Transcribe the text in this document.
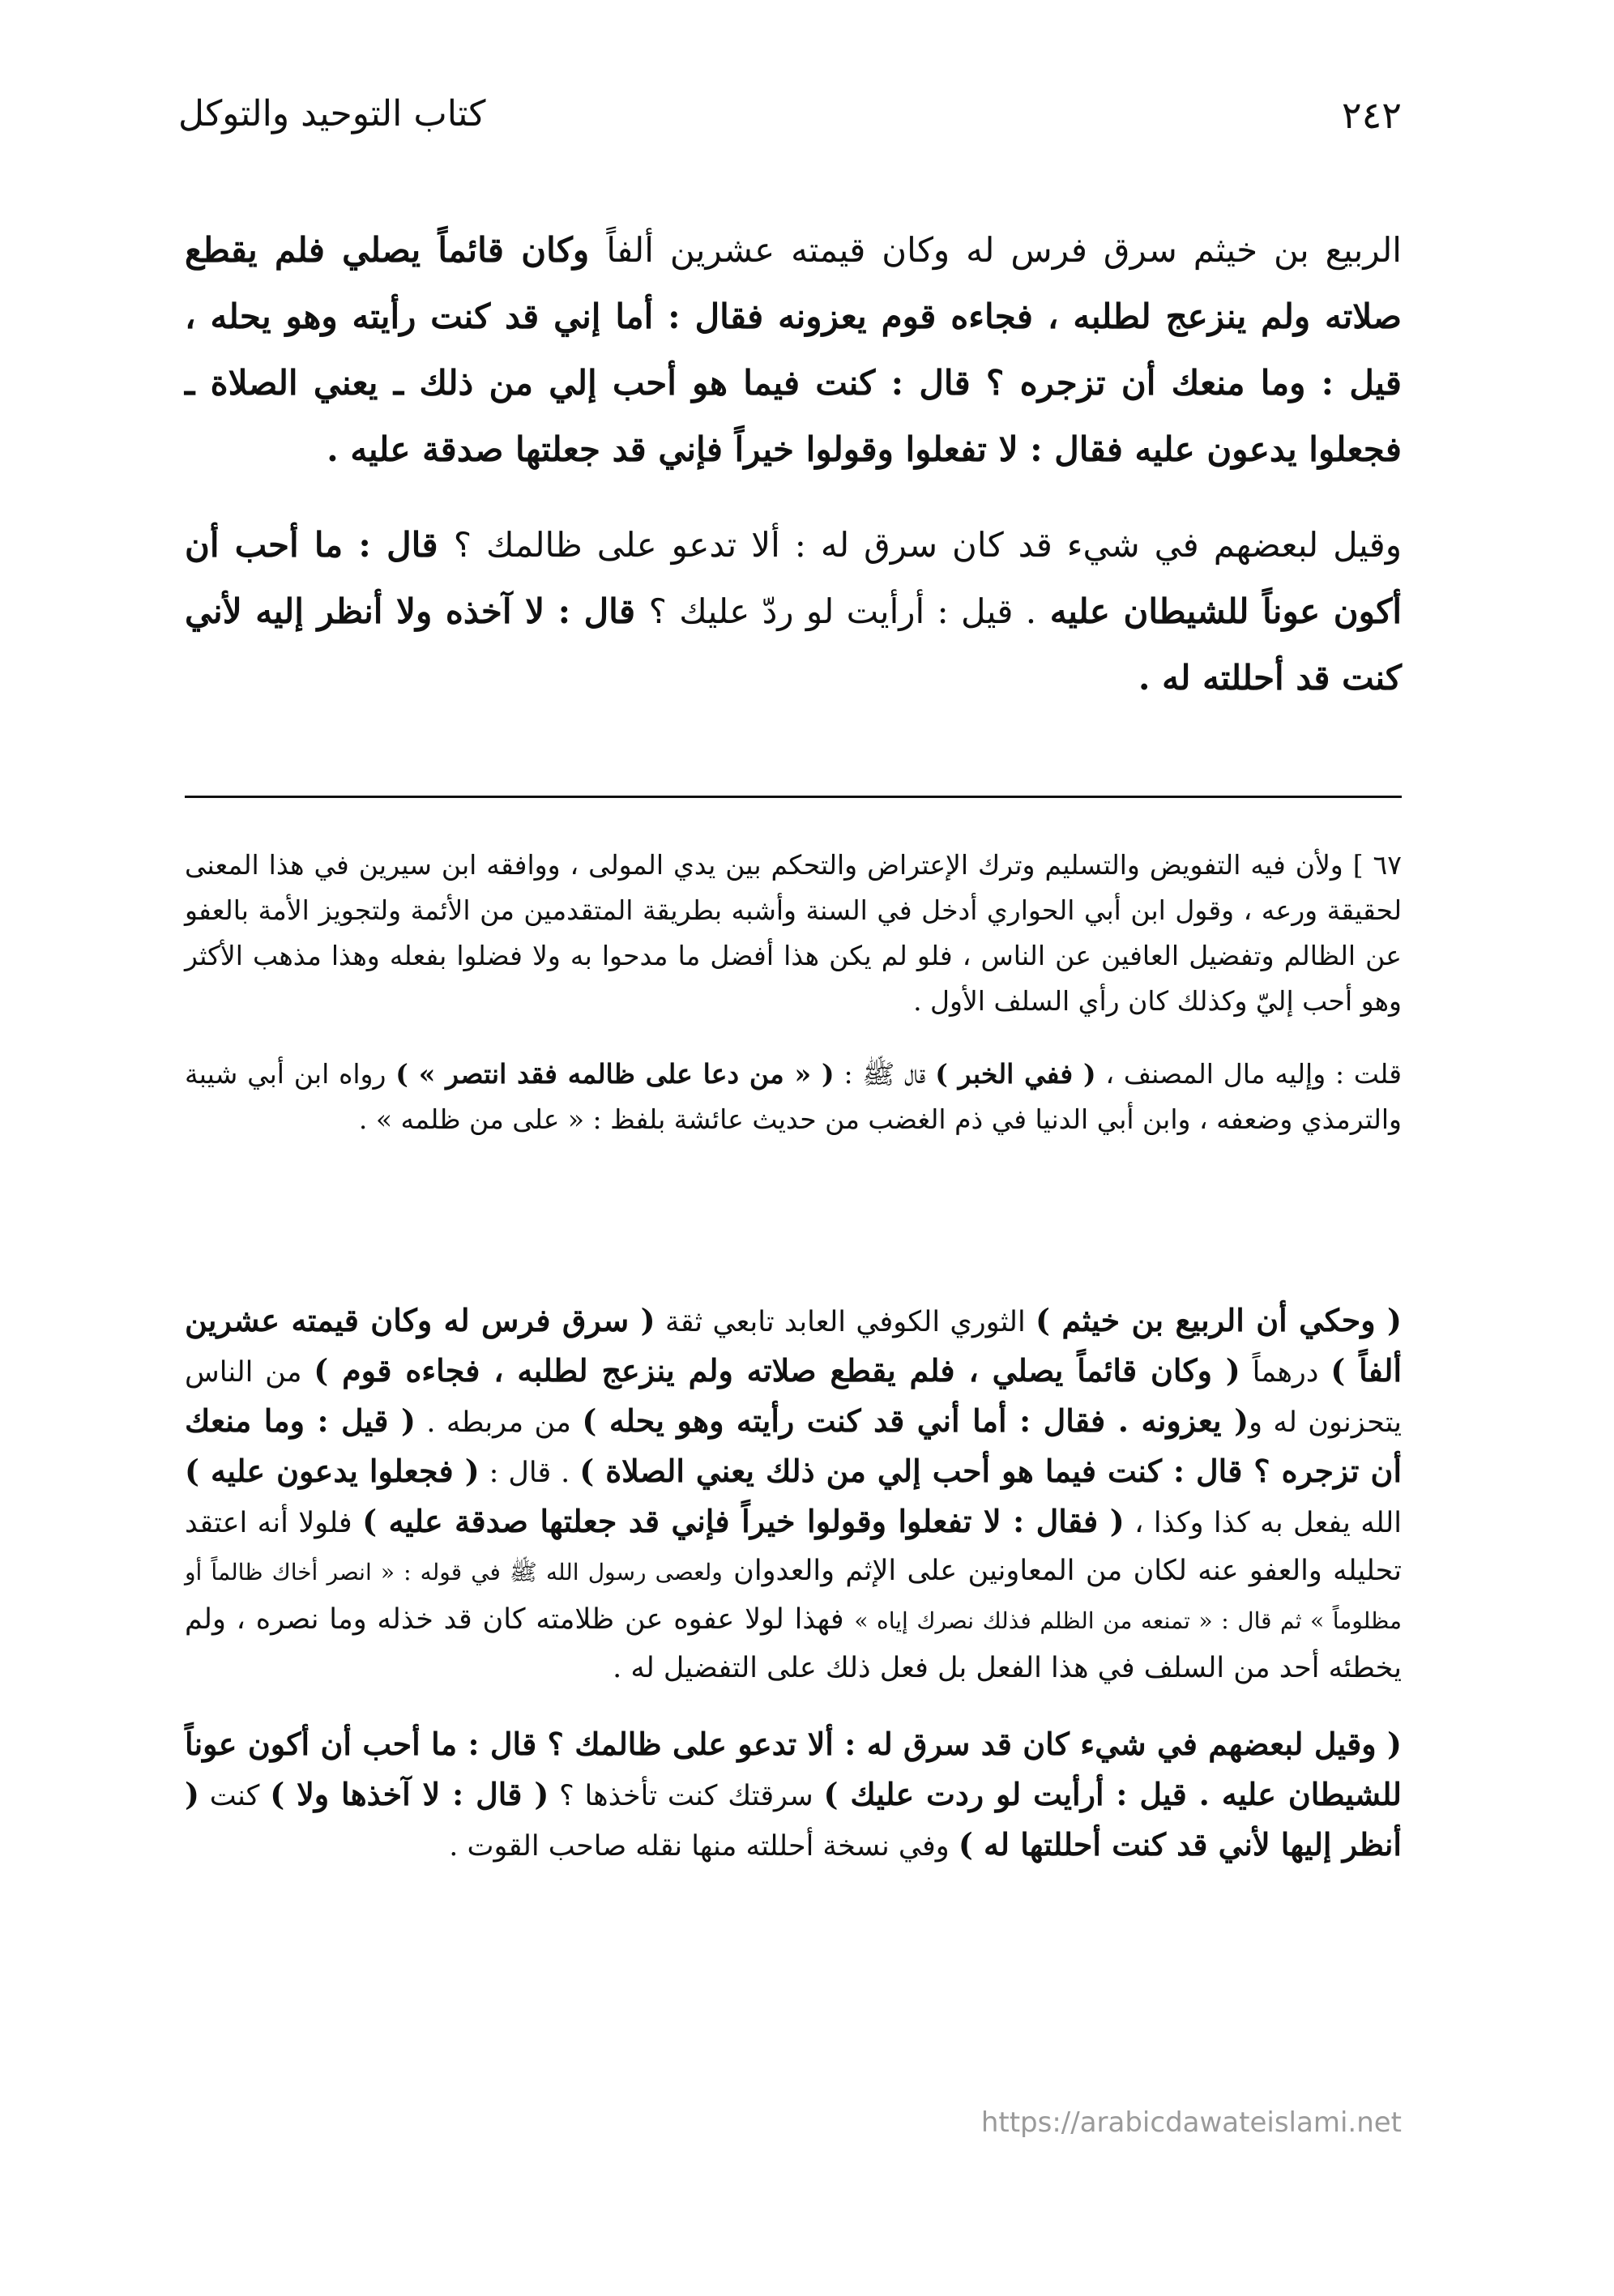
٢٤٢
كتاب التوحيد والتوكل

الربيع بن خيثم سرق فرس له وكان قيمته عشرين ألفاً وكان قائماً يصلي فلم يقطع صلاته ولم ينزعج لطلبه ، فجاءه قوم يعزونه فقال : أما إني قد كنت رأيته وهو يحله ، قيل : وما منعك أن تزجره ؟ قال : كنت فيما هو أحب إلي من ذلك ـ يعني الصلاة ـ فجعلوا يدعون عليه فقال : لا تفعلوا وقولوا خيراً فإني قد جعلتها صدقة عليه .

وقيل لبعضهم في شيء قد كان سرق له : ألا تدعو على ظالمك ؟ قال : ما أحب أن أكون عوناً للشيطان عليه . قيل : أرأيت لو ردّ عليك ؟ قال : لا آخذه ولا أنظر إليه لأني كنت قد أحللته له .

٦٧ ] ولأن فيه التفويض والتسليم وترك الإعتراض والتحكم بين يدي المولى ، ووافقه ابن سيرين في هذا المعنى لحقيقة ورعه ، وقول ابن أبي الحواري أدخل في السنة وأشبه بطريقة المتقدمين من الأئمة ولتجويز الأمة بالعفو عن الظالم وتفضيل العافين عن الناس ، فلو لم يكن هذا أفضل ما مدحوا به ولا فضلوا بفعله وهذا مذهب الأكثر وهو أحب إليّ وكذلك كان رأي السلف الأول .

قلت : وإليه مال المصنف ، ( ففي الخبر ) قال ﷺ : ( « من دعا على ظالمه فقد انتصر » ) رواه ابن أبي شيبة والترمذي وضعفه ، وابن أبي الدنيا في ذم الغضب من حديث عائشة بلفظ : « على من ظلمه » .

( وحكي أن الربيع بن خيثم ) الثوري الكوفي العابد تابعي ثقة ( سرق فرس له وكان قيمته عشرين ألفاً ) درهماً ( وكان قائماً يصلي ، فلم يقطع صلاته ولم ينزعج لطلبه ، فجاءه قوم ) من الناس يتحزنون له و( يعزونه . فقال : أما أني قد كنت رأيته وهو يحله ) من مربطه . ( قيل : وما منعك أن تزجره ؟ قال : كنت فيما هو أحب إلي من ذلك يعني الصلاة ) . قال : ( فجعلوا يدعون عليه ) الله يفعل به كذا وكذا ، ( فقال : لا تفعلوا وقولوا خيراً فإني قد جعلتها صدقة عليه ) فلولا أنه اعتقد تحليله والعفو عنه لكان من المعاونين على الإثم والعدوان ولعصى رسول الله ﷺ في قوله : « انصر أخاك ظالماً أو مظلوماً » ثم قال : « تمنعه من الظلم فذلك نصرك إياه » فهذا لولا عفوه عن ظلامته كان قد خذله وما نصره ، ولم يخطئه أحد من السلف في هذا الفعل بل فعل ذلك على التفضيل له .

( وقيل لبعضهم في شيء كان قد سرق له : ألا تدعو على ظالمك ؟ قال : ما أحب أن أكون عوناً للشيطان عليه . قيل : أرأيت لو ردت عليك ) سرقتك كنت تأخذها ؟ ( قال : لا آخذها ولا ) كنت ( أنظر إليها لأني قد كنت أحللتها له ) وفي نسخة أحللته منها نقله صاحب القوت .

https://arabicdawateislami.net
